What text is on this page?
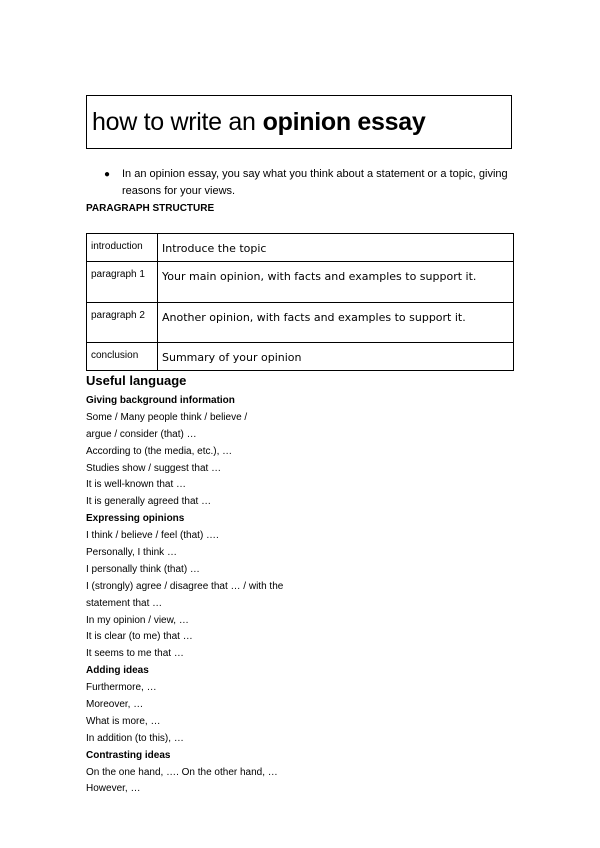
how to write an opinion essay
● In an opinion essay, you say what you think about a statement or a topic, giving reasons for your views.
PARAGRAPH STRUCTURE
introduction	Introduce the topic
paragraph 1	Your main opinion, with facts and examples to support it.
paragraph 2	Another opinion, with facts and examples to support it.
conclusion	Summary of your opinion
Useful language
Giving background information
Some / Many people think / believe /
argue / consider (that) …
According to (the media, etc.), …
Studies show / suggest that …
It is well-known that …
It is generally agreed that …
Expressing opinions
I think / believe / feel (that) ….
Personally, I think …
I personally think (that) …
I (strongly) agree / disagree that … / with the
statement that …
In my opinion / view, …
It is clear (to me) that …
It seems to me that …
Adding ideas
Furthermore, …
Moreover, …
What is more, …
In addition (to this), …
Contrasting ideas
On the one hand, …. On the other hand, …
However, …
